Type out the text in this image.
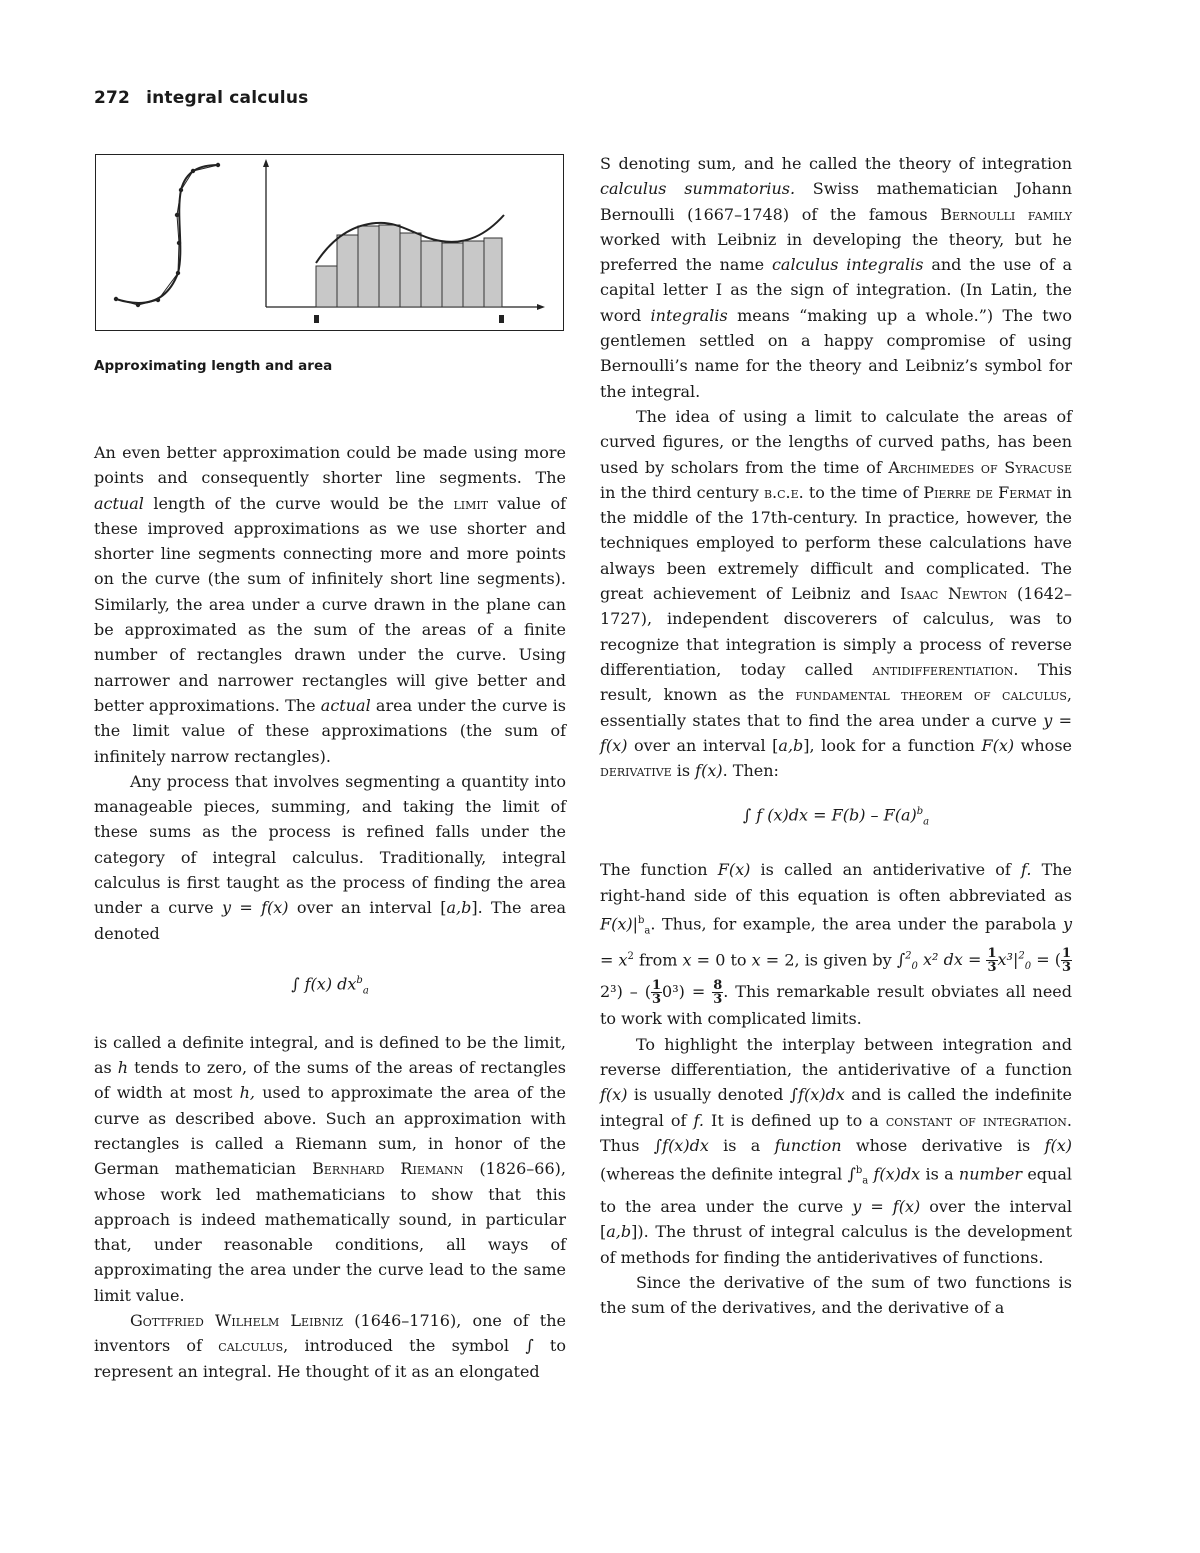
272 integral calculus
Approximating length and area

An even better approximation could be made using more points and consequently shorter line segments. The actual length of the curve would be the limit value of these improved approximations as we use shorter and shorter line segments connecting more and more points on the curve (the sum of infinitely short line segments). Similarly, the area under a curve drawn in the plane can be approximated as the sum of the areas of a finite number of rectangles drawn under the curve. Using narrower and narrower rectangles will give better and better approximations. The actual area under the curve is the limit value of these approximations (the sum of infinitely narrow rectangles).

Any process that involves segmenting a quantity into manageable pieces, summing, and taking the limit of these sums as the process is refined falls under the category of integral calculus. Traditionally, integral calculus is first taught as the process of finding the area under a curve y = f(x) over an interval [a,b]. The area denoted

∫ f(x) $dx^b_a$

is called a definite integral, and is defined to be the limit, as h tends to zero, of the sums of the areas of rectangles of width at most h, used to approximate the area of the curve as described above. Such an approximation with rectangles is called a Riemann sum, in honor of the German mathematician Bernhard Riemann (1826–66), whose work led mathematicians to show that this approach is indeed mathematically sound, in particular that, under reasonable conditions, all ways of approximating the area under the curve lead to the same limit value.

Gottfried Wilhelm Leibniz (1646–1716), one of the inventors of calculus, introduced the symbol ∫ to represent an integral. He thought of it as an elongated

S denoting sum, and he called the theory of integration calculus summatorius. Swiss mathematician Johann Bernoulli (1667–1748) of the famous Bernoulli family worked with Leibniz in developing the theory, but he preferred the name calculus integralis and the use of a capital letter I as the sign of integration. (In Latin, the word integralis means “making up a whole.”) The two gentlemen settled on a happy compromise of using Bernoulli’s name for the theory and Leibniz’s symbol for the integral.

The idea of using a limit to calculate the areas of curved figures, or the lengths of curved paths, has been used by scholars from the time of Archimedes of Syracuse in the third century b.c.e. to the time of Pierre de Fermat in the middle of the 17th-century. In practice, however, the techniques employed to perform these calculations have always been extremely difficult and complicated. The great achievement of Leibniz and Isaac Newton (1642–1727), independent discoverers of calculus, was to recognize that integration is simply a process of reverse differentiation, today called antidifferentiation. This result, known as the fundamental theorem of calculus, essentially states that to find the area under a curve y = f(x) over an interval [a,b], look for a function F(x) whose derivative is f(x). Then:

∫ f $(x)dx = F(b) - F(a)^b_a$

The function F(x) is called an antiderivative of f. The right-hand side of this equation is often abbreviated as $F(x)|^b_a$. Thus, for example, the area under the parabola $y = x^2$ from x = 0 to x = 2, is given by ∫$^2_0$ x² dx = $\frac{1}{3} x^3|^2_0$ = ( $\frac{1}{3}$
2³) – ( $\frac{1}{3} 0^3) = \frac{8}{3}$ . This remarkable result obviates all need to work with complicated limits.

To highlight the interplay between integration and reverse differentiation, the antiderivative of a function f(x) is usually denoted ∫f(x)dx and is called the indefinite integral of f. It is defined up to a constant of integration. Thus ∫f(x)dx is a function whose derivative is f(x) (whereas the definite integral ∫$^b_a$ f(x)dx is a number equal to the area under the curve y = f(x) over the interval [a,b]). The thrust of integral calculus is the development of methods for finding the antiderivatives of functions.

Since the derivative of the sum of two functions is the sum of the derivatives, and the derivative of a
